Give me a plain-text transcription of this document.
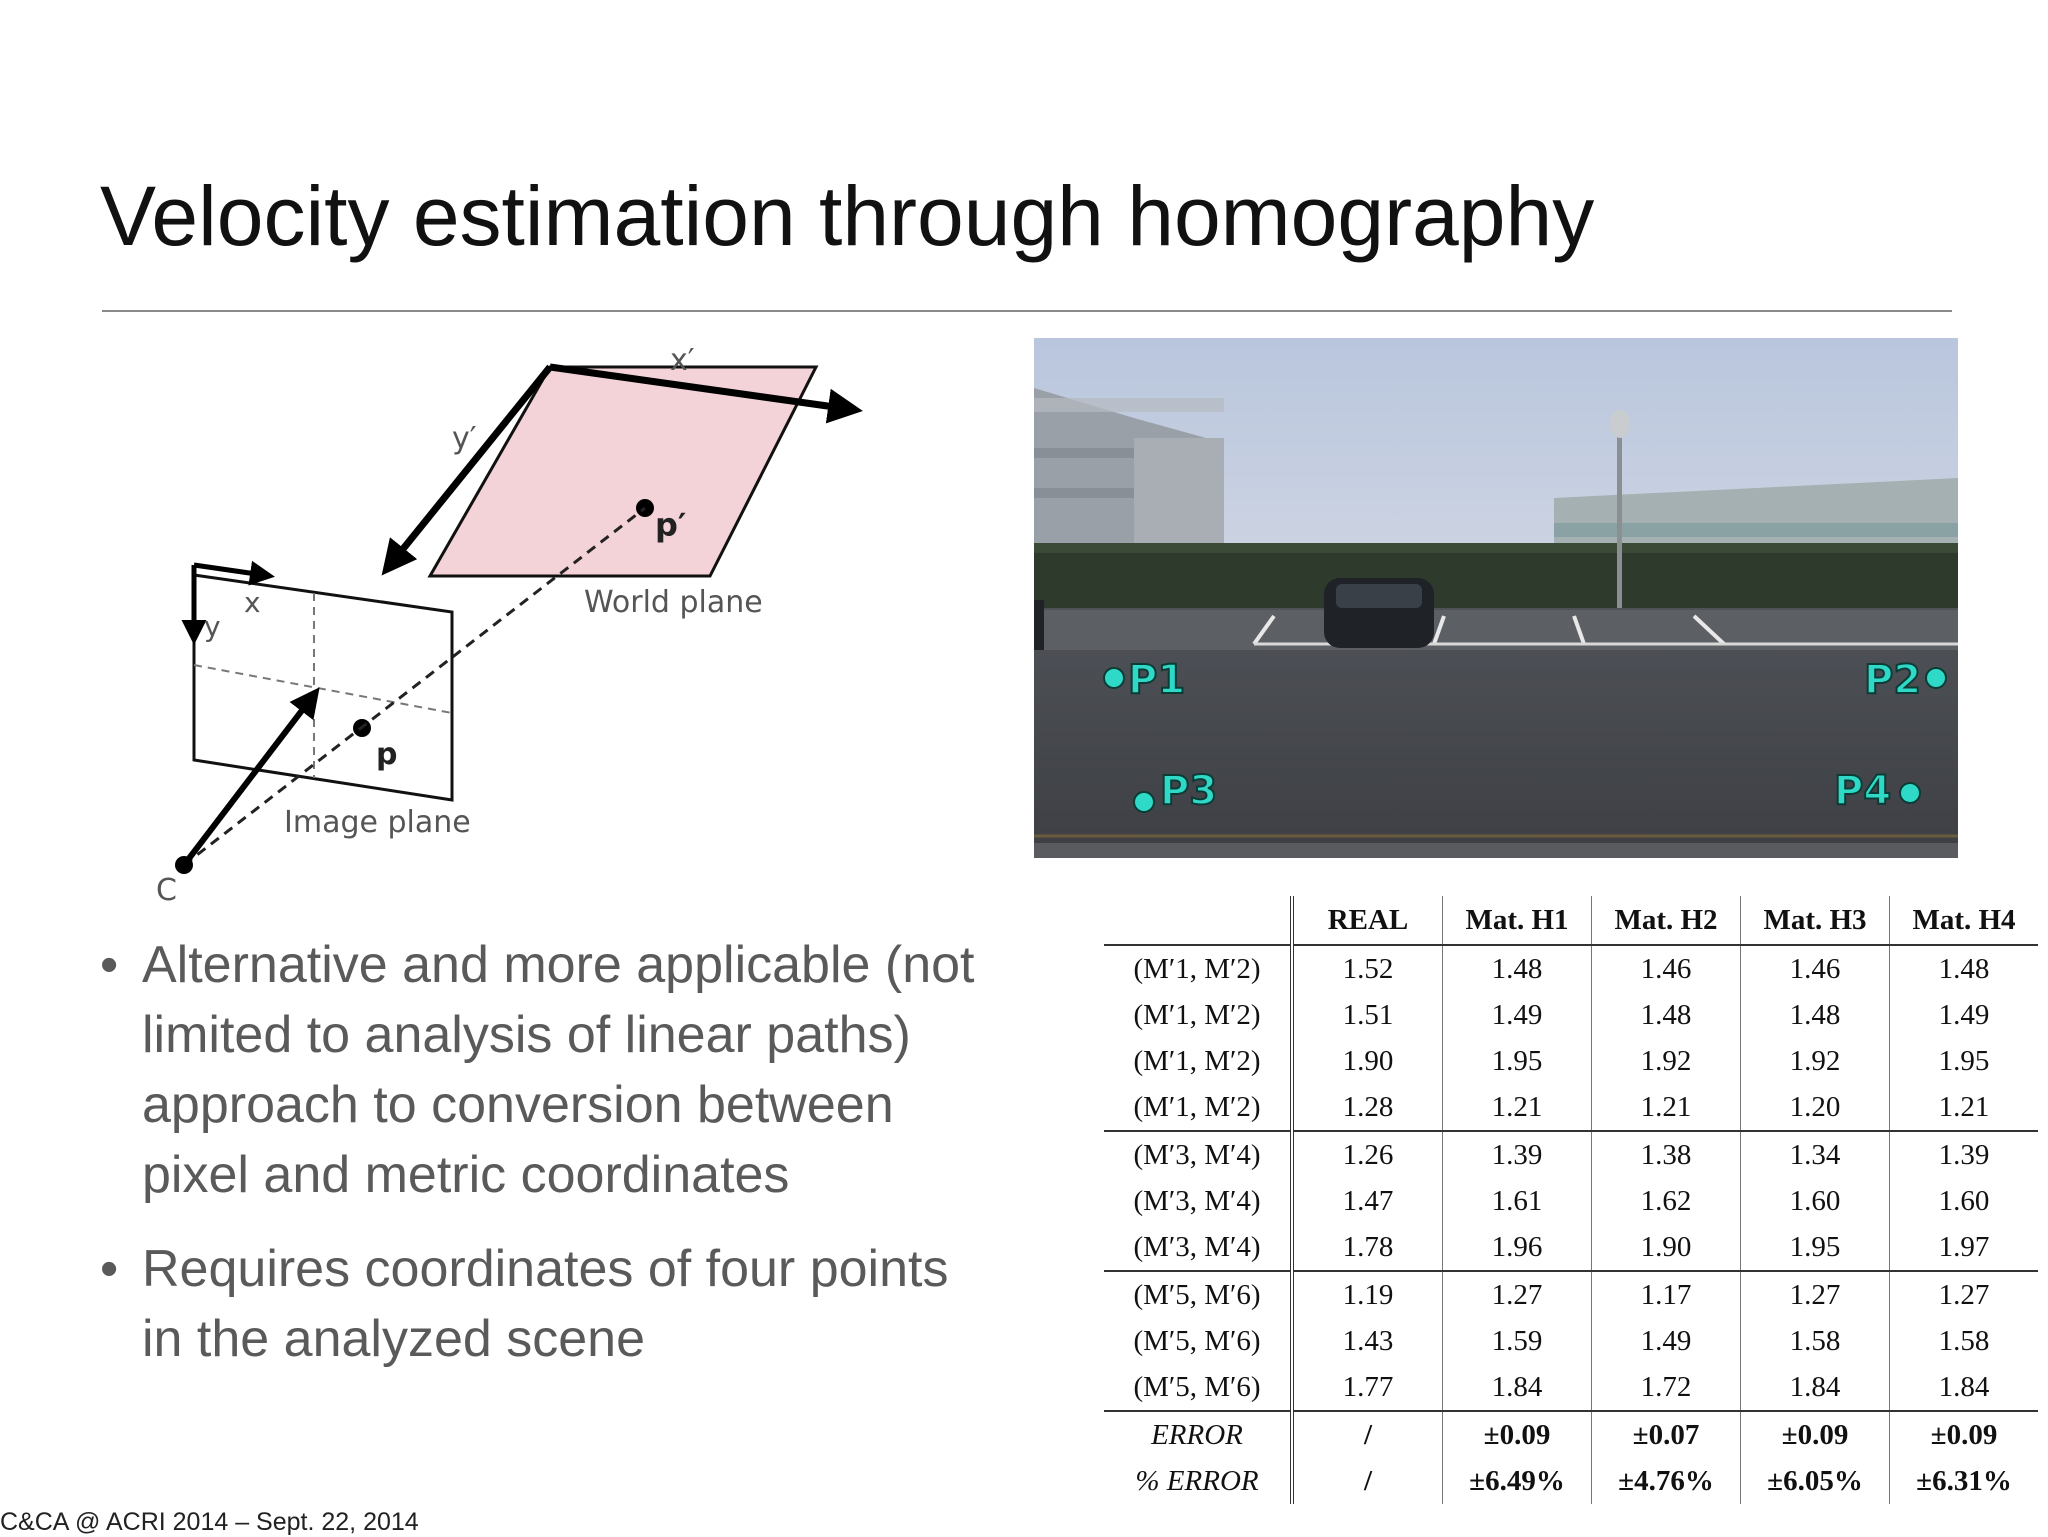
Velocity estimation through homography
x′
y′
p′
World plane
x
y
p
Image plane
C
P1	P2
P3	P4
• Alternative and more applicable (not limited to analysis of linear paths) approach to conversion between pixel and metric coordinates
• Requires coordinates of four points in the analyzed scene
	REAL	Mat. H1	Mat. H2	Mat. H3	Mat. H4
(M′1, M′2)	1.52	1.48	1.46	1.46	1.48
(M′1, M′2)	1.51	1.49	1.48	1.48	1.49
(M′1, M′2)	1.90	1.95	1.92	1.92	1.95
(M′1, M′2)	1.28	1.21	1.21	1.20	1.21
(M′3, M′4)	1.26	1.39	1.38	1.34	1.39
(M′3, M′4)	1.47	1.61	1.62	1.60	1.60
(M′3, M′4)	1.78	1.96	1.90	1.95	1.97
(M′5, M′6)	1.19	1.27	1.17	1.27	1.27
(M′5, M′6)	1.43	1.59	1.49	1.58	1.58
(M′5, M′6)	1.77	1.84	1.72	1.84	1.84
ERROR	/	±0.09	±0.07	±0.09	±0.09
% ERROR	/	±6.49%	±4.76%	±6.05%	±6.31%
C&CA @ ACRI 2014 – Sept. 22, 2014
